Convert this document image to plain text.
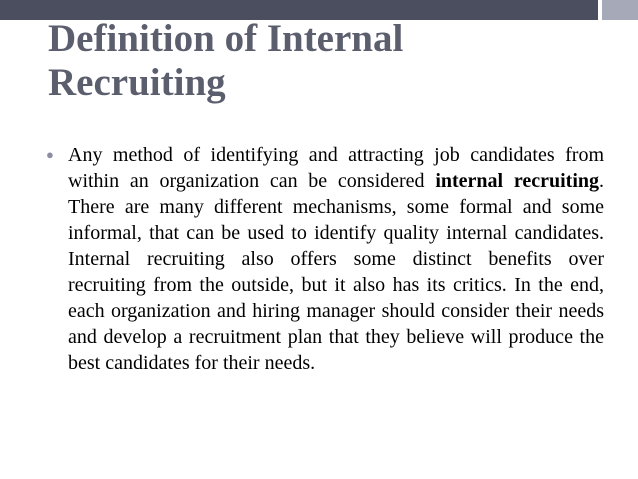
Definition of Internal
Recruiting
● Any method of identifying and attracting job candidates from within an organization can be considered internal recruiting. There are many different mechanisms, some formal and some informal, that can be used to identify quality internal candidates. Internal recruiting also offers some distinct benefits over recruiting from the outside, but it also has its critics. In the end, each organization and hiring manager should consider their needs and develop a recruitment plan that they believe will produce the best candidates for their needs.
